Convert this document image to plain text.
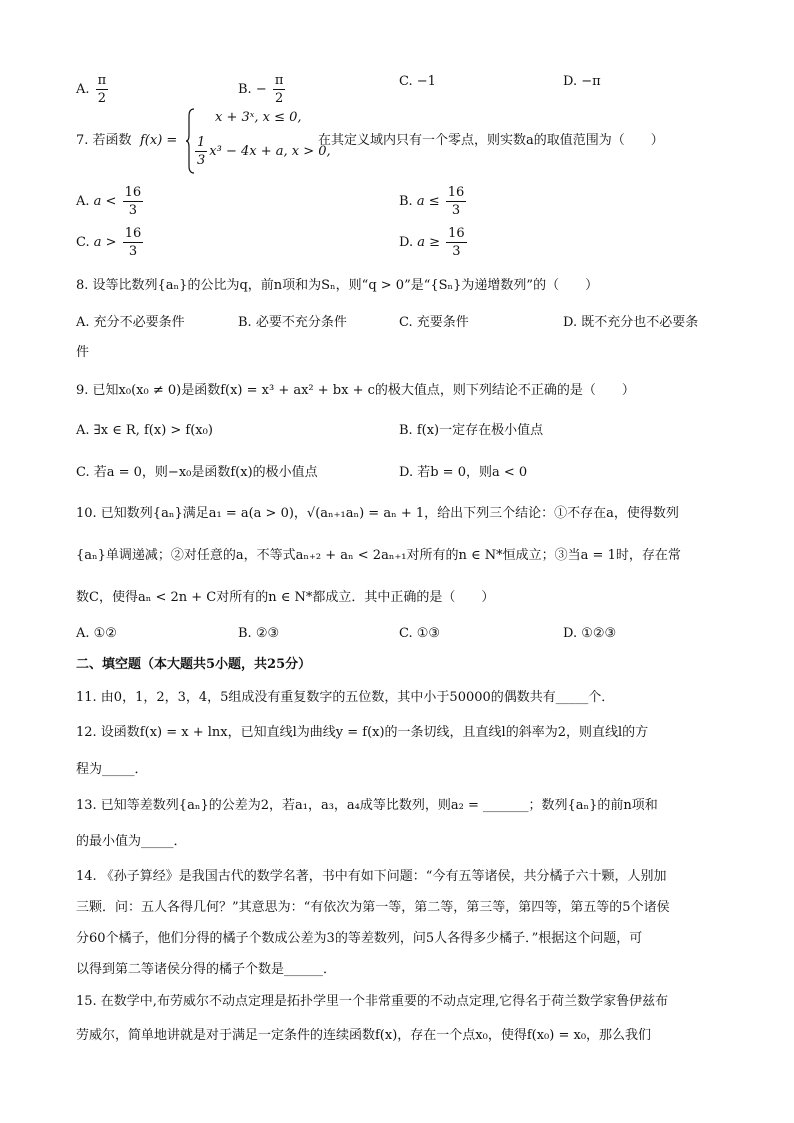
A. $\frac{\pi}{2}$	B. − $\frac{\pi}{2}$	C. −1	D. −π
7. 若函数 f(x) =
x + 3ˣ, x ≤ 0,
$\frac{1}{3} x^3 - 4x + a$, x > 0,
在其定义域内只有一个零点，则实数a的取值范围为（　　）
A. $a < \frac{16}{3}$	B. $a \le \frac{16}{3}$
C. $a > \frac{16}{3}$	D. $a \ge \frac{16}{3}$
8. 设等比数列{aₙ}的公比为q，前n项和为Sₙ，则“q > 0”是“{Sₙ}为递增数列”的（　　）
A. 充分不必要条件	B. 必要不充分条件	C. 充要条件	D. 既不充分也不必要条
件
9. 已知x₀(x₀ ≠ 0)是函数f(x) = x³ + ax² + bx + c的极大值点，则下列结论不正确的是（　　）
A. ∃x ∈ R, f(x) > f(x₀)	B. f(x)一定存在极小值点
C. 若a = 0，则−x₀是函数f(x)的极小值点	D. 若b = 0，则a < 0
10. 已知数列{aₙ}满足a₁ = a(a > 0)，√(aₙ₊₁aₙ) = aₙ + 1，给出下列三个结论：①不存在a，使得数列
{aₙ}单调递减；②对任意的a，不等式aₙ₊₂ + aₙ < 2aₙ₊₁对所有的n ∈ N*恒成立；③当a = 1时，存在常
数C，使得aₙ < 2n + C对所有的n ∈ N*都成立．其中正确的是（　　）
A. ①②	B. ②③	C. ①③	D. ①②③
二、填空题（本大题共5小题，共25分）
11. 由0，1，2，3，4，5组成没有重复数字的五位数，其中小于50000的偶数共有_____个．
12. 设函数f(x) = x + lnx，已知直线l为曲线y = f(x)的一条切线，且直线l的斜率为2，则直线l的方
程为_____．
13. 已知等差数列{aₙ}的公差为2，若a₁，a₃，a₄成等比数列，则a₂ = _______；数列{aₙ}的前n项和
的最小值为_____．
14. 《孙子算经》是我国古代的数学名著，书中有如下问题：“今有五等诸侯，共分橘子六十颗，人别加
三颗．问：五人各得几何？”其意思为：“有依次为第一等，第二等，第三等，第四等，第五等的5个诸侯
分60个橘子，他们分得的橘子个数成公差为3的等差数列，问5人各得多少橘子．”根据这个问题，可
以得到第二等诸侯分得的橘子个数是______．
15. 在数学中,布劳威尔不动点定理是拓扑学里一个非常重要的不动点定理,它得名于荷兰数学家鲁伊兹布
劳威尔，简单地讲就是对于满足一定条件的连续函数f(x)，存在一个点x₀，使得f(x₀) = x₀，那么我们
